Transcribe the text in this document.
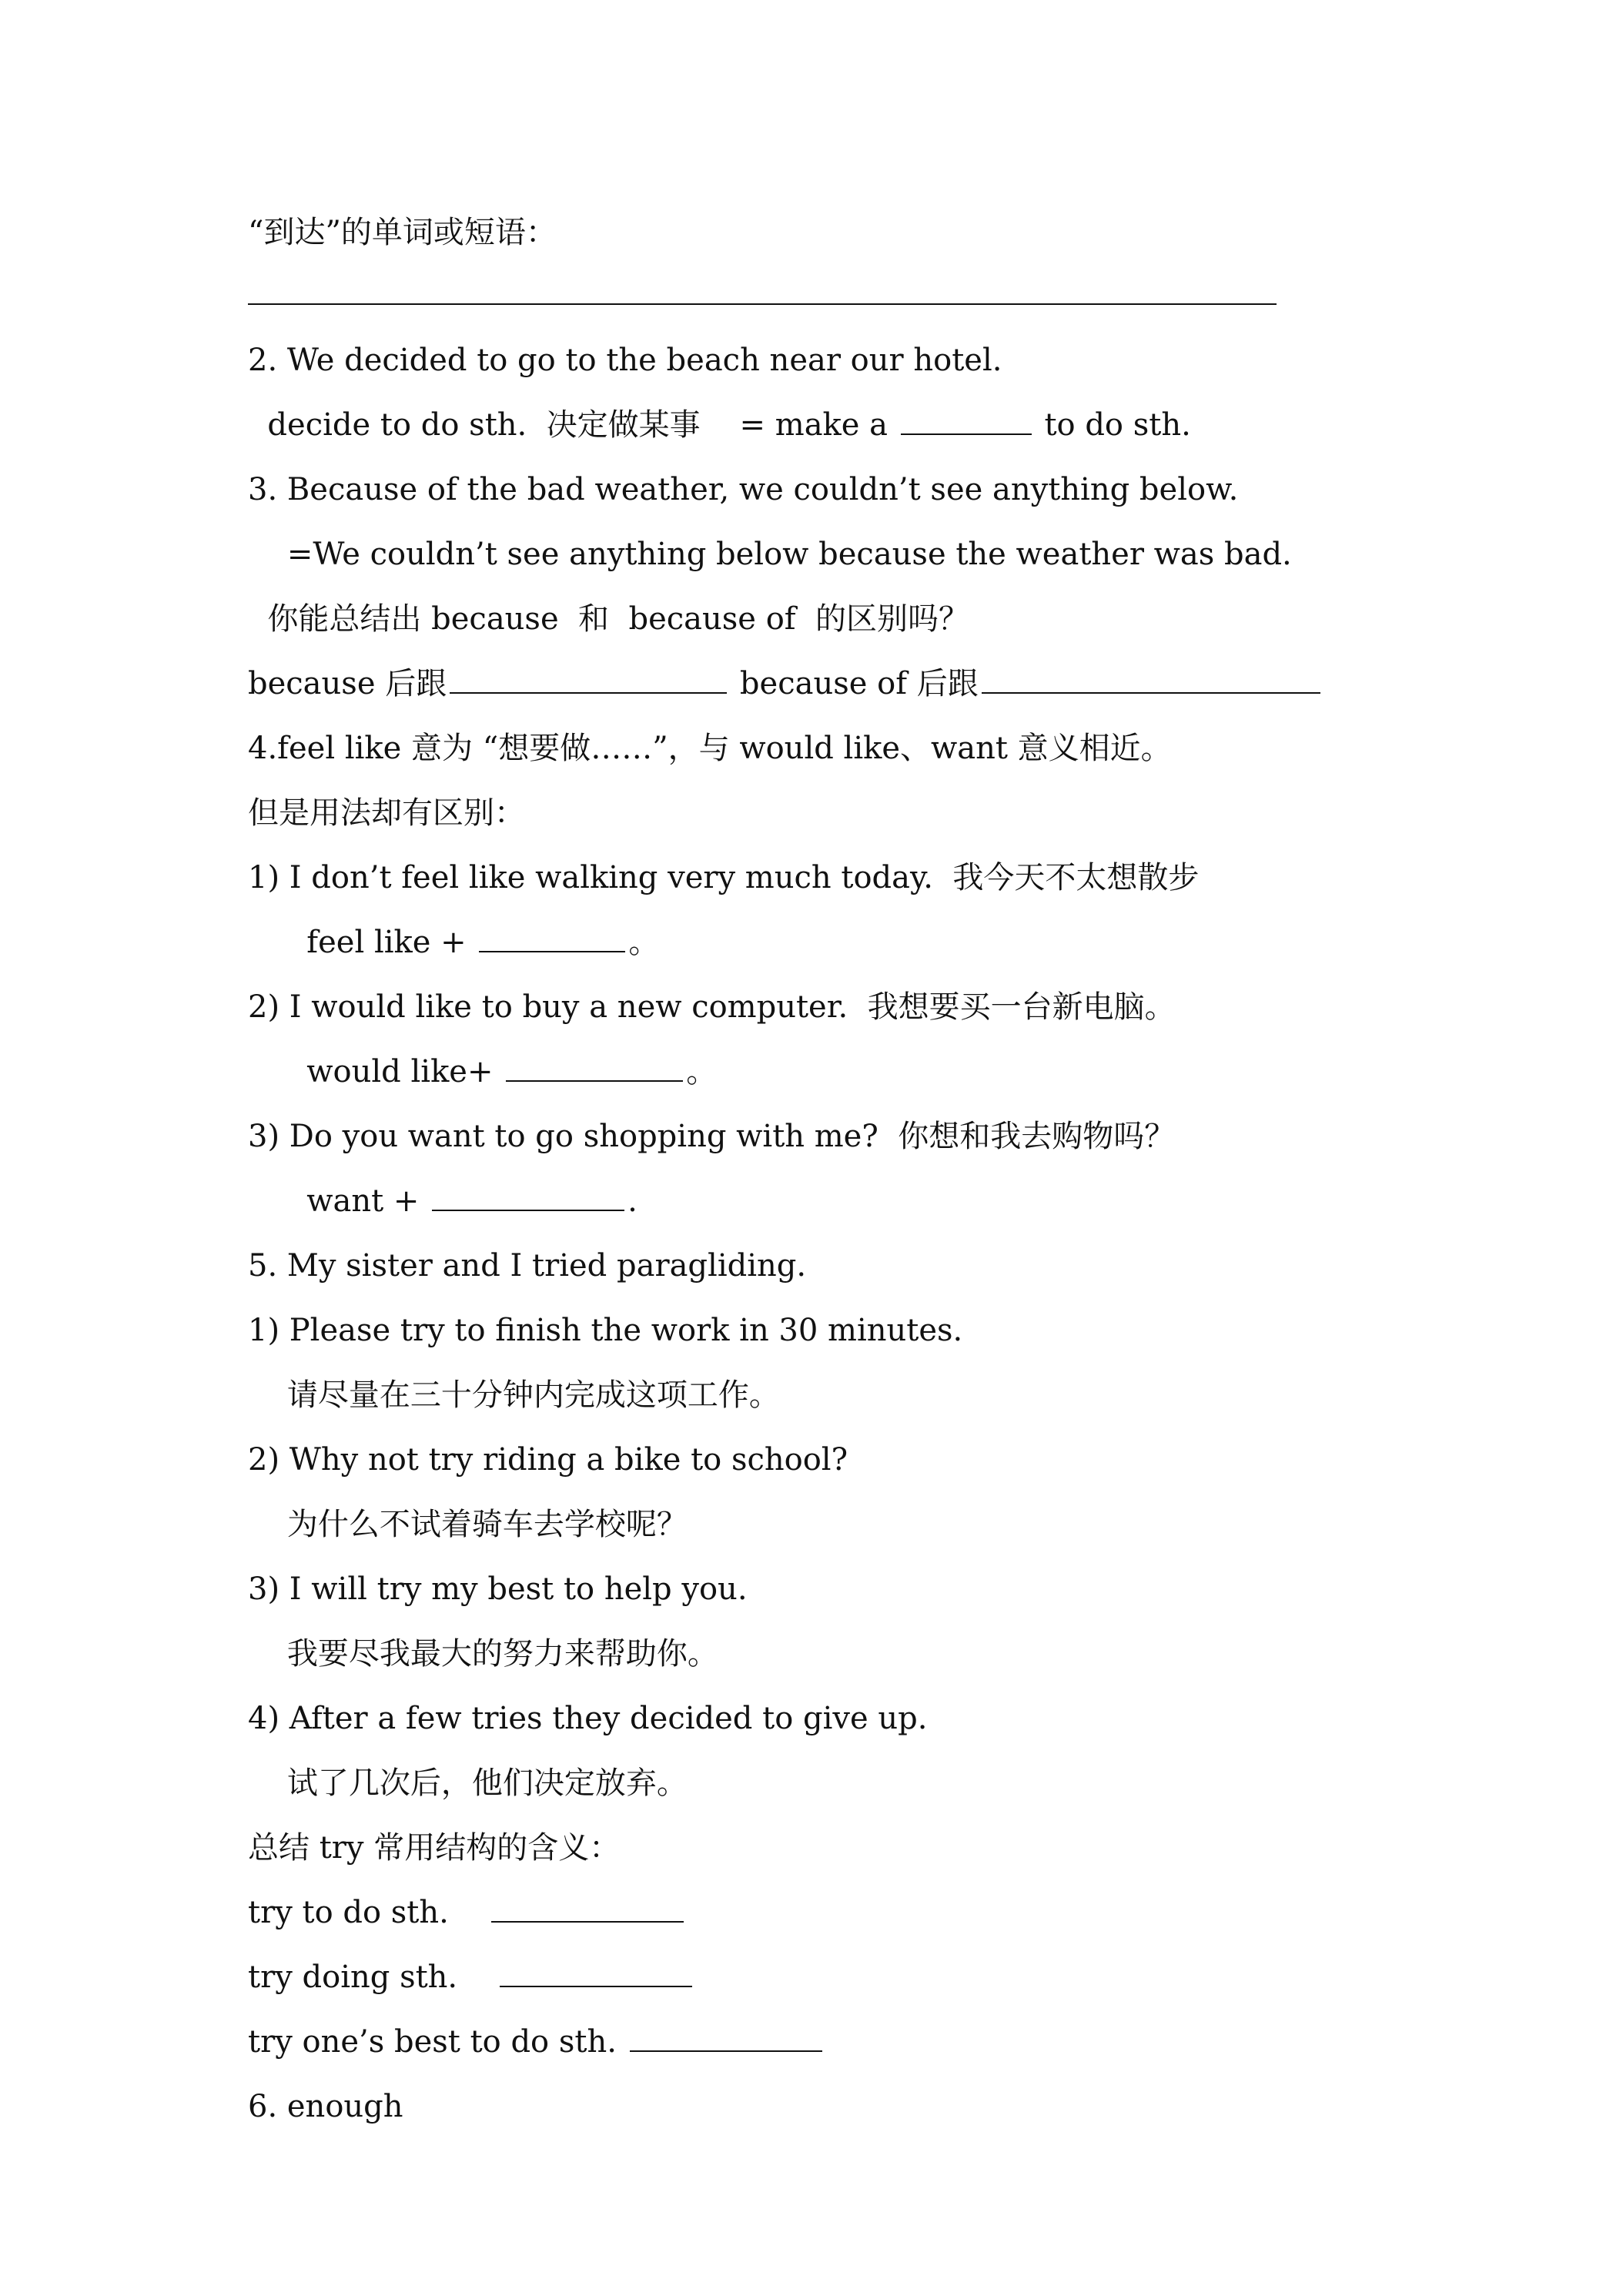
“到达”的单词或短语：
2. We decided to go to the beach near our hotel.
decide to do sth.  决定做某事    = make a	to do sth.
3. Because of the bad weather, we couldn’t see anything below.
=We couldn’t see anything below because the weather was bad.
你能总结出 because  和  because of  的区别吗？
because 后跟	because of 后跟
4.feel like 意为 “想要做……”，与 would like、want 意义相近。
但是用法却有区别：
1) I don’t feel like walking very much today.  我今天不太想散步
feel like +	。
2) I would like to buy a new computer.  我想要买一台新电脑。
would like+	。
3) Do you want to go shopping with me?  你想和我去购物吗？
want +	.
5. My sister and I tried paragliding.
1) Please try to finish the work in 30 minutes.
请尽量在三十分钟内完成这项工作。
2) Why not try riding a bike to school?
为什么不试着骑车去学校呢？
3) I will try my best to help you.
我要尽我最大的努力来帮助你。
4) After a few tries they decided to give up.
试了几次后，他们决定放弃。
总结 try 常用结构的含义：
try to do sth.
try doing sth.
try one’s best to do sth.
6. enough
